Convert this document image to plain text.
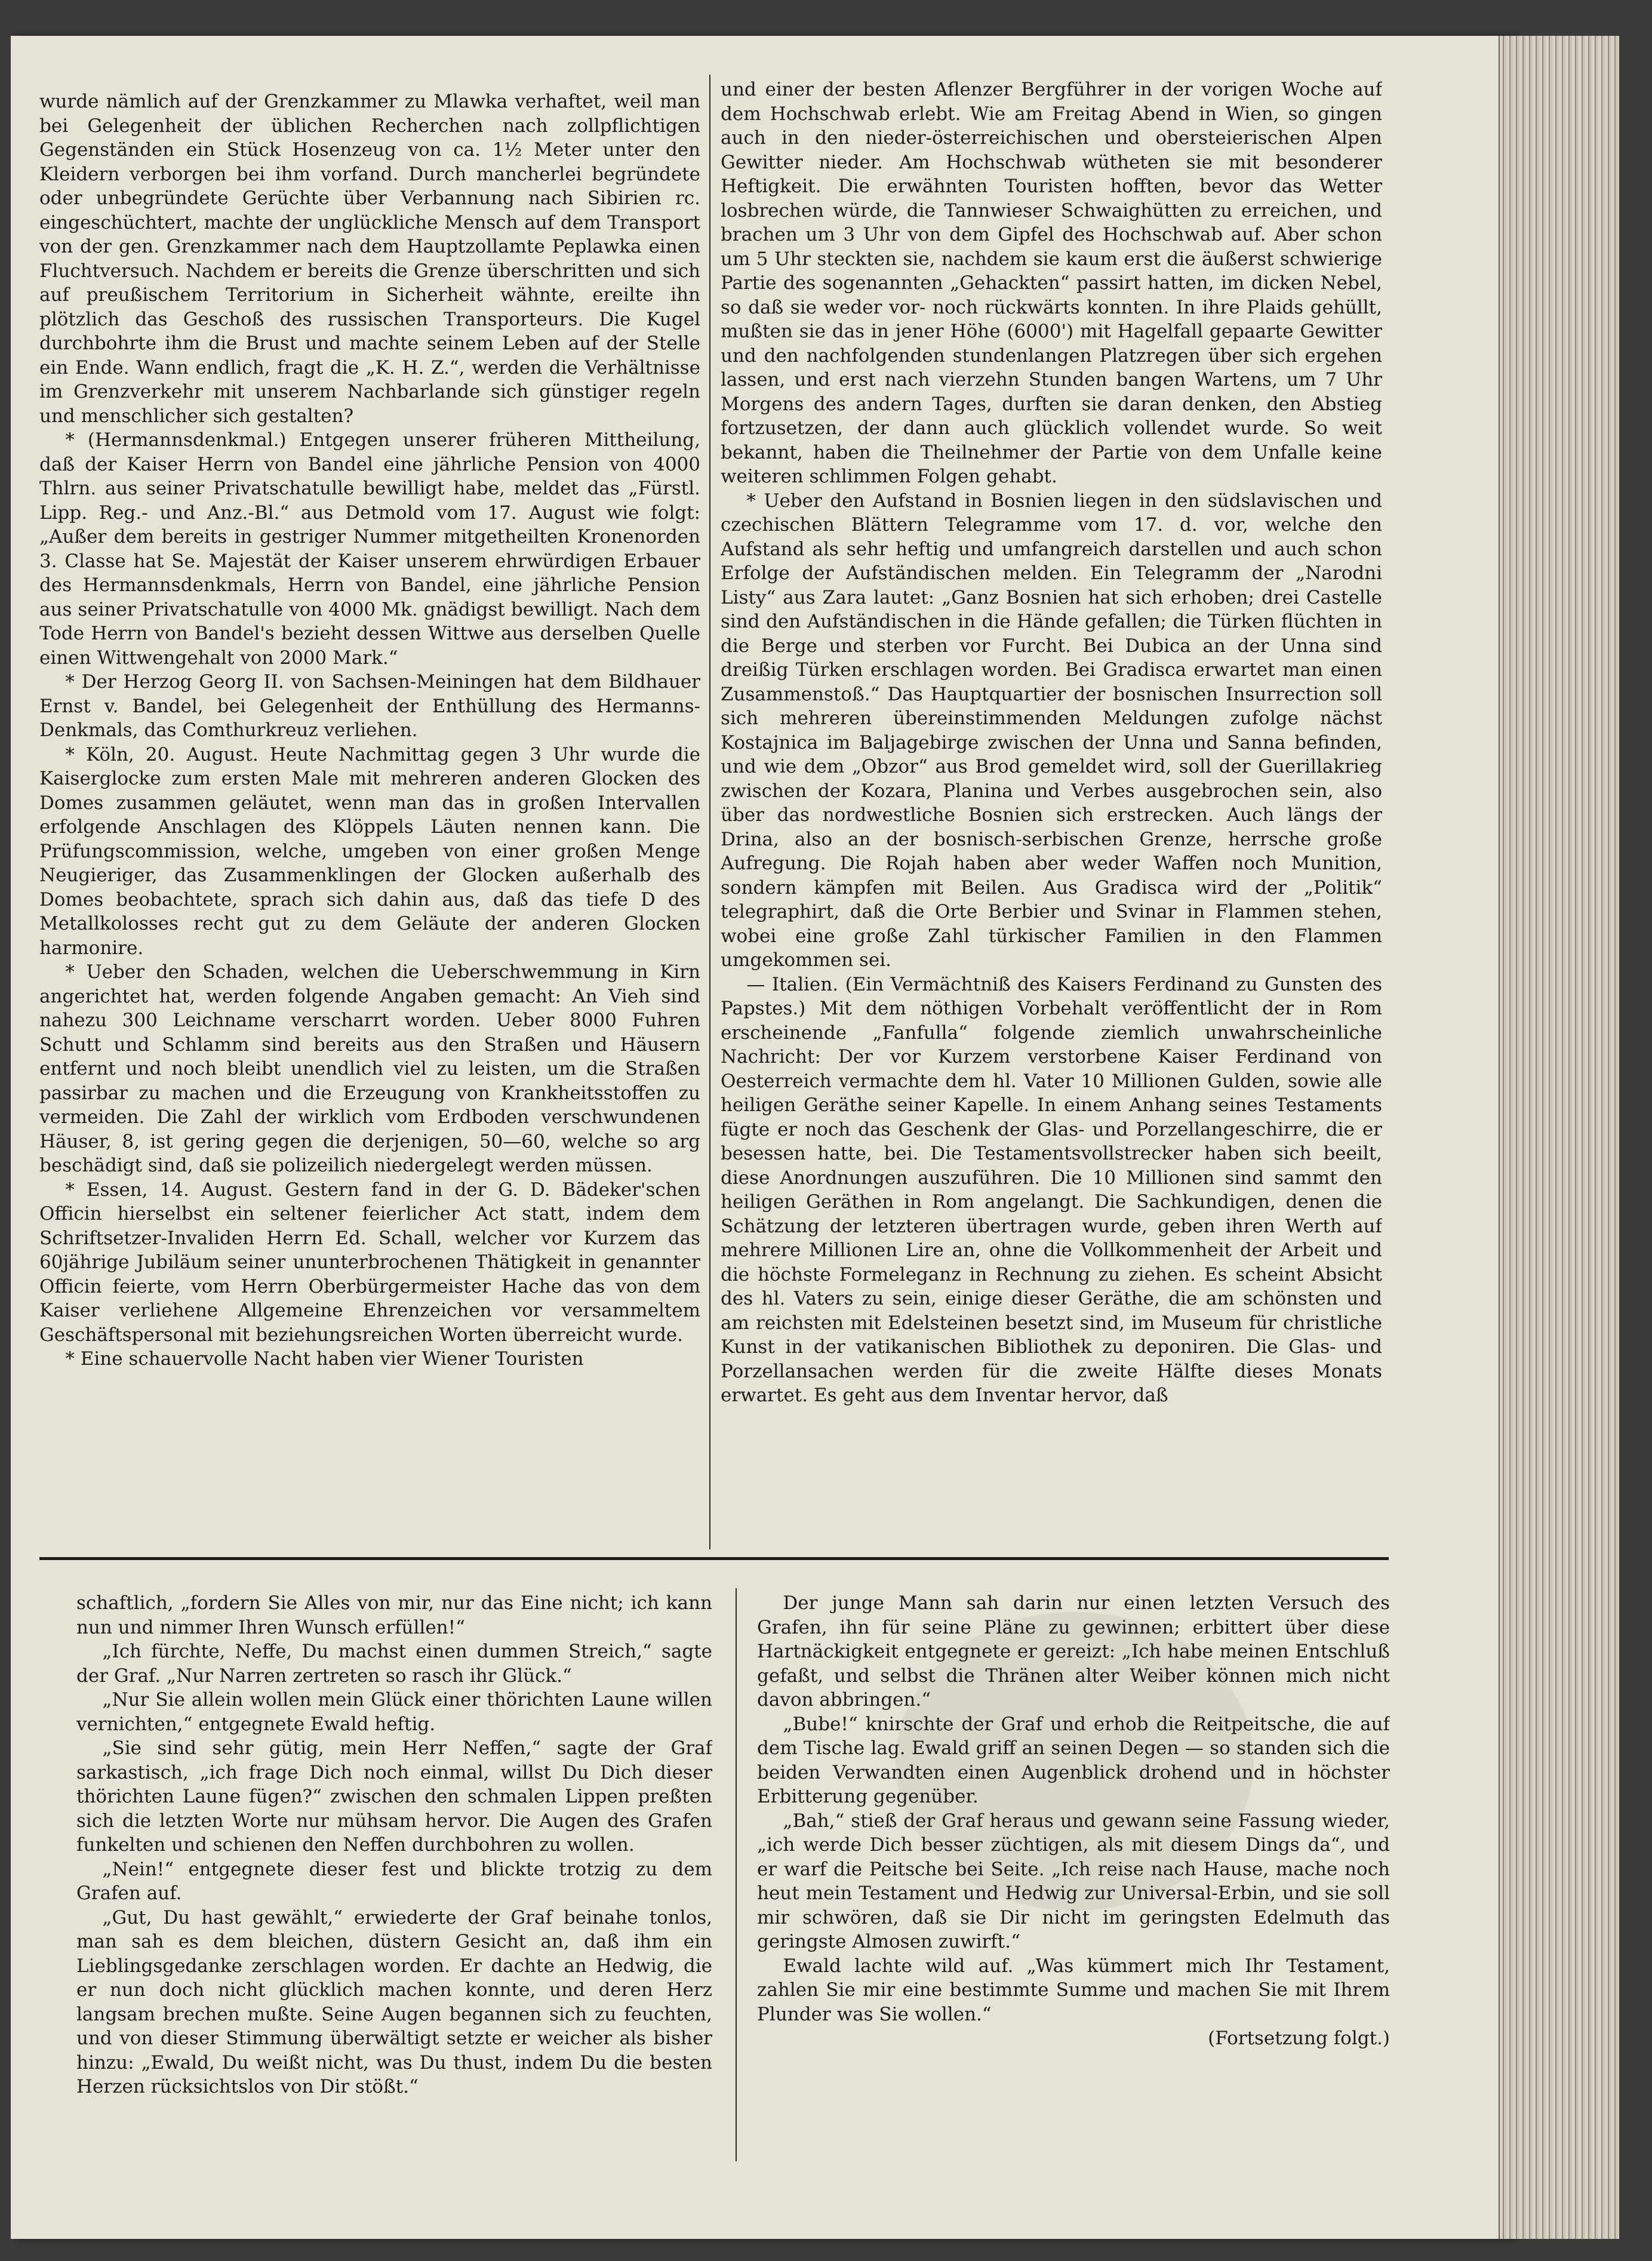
wurde nämlich auf der Grenzkammer zu Mlawka verhaftet, weil man bei Gelegenheit der üblichen Recherchen nach zollpflichtigen Gegenständen ein Stück Hosenzeug von ca. 1½ Meter unter den Kleidern verborgen bei ihm vorfand. Durch mancherlei begründete oder unbegründete Gerüchte über Verbannung nach Sibirien rc. eingeschüchtert, machte der unglückliche Mensch auf dem Transport von der gen. Grenzkammer nach dem Hauptzollamte Peplawka einen Fluchtversuch. Nachdem er bereits die Grenze überschritten und sich auf preußischem Territorium in Sicherheit wähnte, ereilte ihn plötzlich das Geschoß des russischen Transporteurs. Die Kugel durchbohrte ihm die Brust und machte seinem Leben auf der Stelle ein Ende. Wann endlich, fragt die „K. H. Z.“, werden die Verhältnisse im Grenzverkehr mit unserem Nachbarlande sich günstiger regeln und menschlicher sich gestalten?

* (Hermannsdenkmal.) Entgegen unserer früheren Mittheilung, daß der Kaiser Herrn von Bandel eine jährliche Pension von 4000 Thlrn. aus seiner Privatschatulle bewilligt habe, meldet das „Fürstl. Lipp. Reg.- und Anz.-Bl.“ aus Detmold vom 17. August wie folgt: „Außer dem bereits in gestriger Nummer mitgetheilten Kronenorden 3. Classe hat Se. Majestät der Kaiser unserem ehrwürdigen Erbauer des Hermannsdenkmals, Herrn von Bandel, eine jährliche Pension aus seiner Privatschatulle von 4000 Mk. gnädigst bewilligt. Nach dem Tode Herrn von Bandel's bezieht dessen Wittwe aus derselben Quelle einen Wittwengehalt von 2000 Mark.“

* Der Herzog Georg II. von Sachsen-Meiningen hat dem Bildhauer Ernst v. Bandel, bei Gelegenheit der Enthüllung des Hermanns-Denkmals, das Comthurkreuz verliehen.

* Köln, 20. August. Heute Nachmittag gegen 3 Uhr wurde die Kaiserglocke zum ersten Male mit mehreren anderen Glocken des Domes zusammen geläutet, wenn man das in großen Intervallen erfolgende Anschlagen des Klöppels Läuten nennen kann. Die Prüfungscommission, welche, umgeben von einer großen Menge Neugieriger, das Zusammenklingen der Glocken außerhalb des Domes beobachtete, sprach sich dahin aus, daß das tiefe D des Metallkolosses recht gut zu dem Geläute der anderen Glocken harmonire.

* Ueber den Schaden, welchen die Ueberschwemmung in Kirn angerichtet hat, werden folgende Angaben gemacht: An Vieh sind nahezu 300 Leichname verscharrt worden. Ueber 8000 Fuhren Schutt und Schlamm sind bereits aus den Straßen und Häusern entfernt und noch bleibt unendlich viel zu leisten, um die Straßen passirbar zu machen und die Erzeugung von Krankheitsstoffen zu vermeiden. Die Zahl der wirklich vom Erdboden verschwundenen Häuser, 8, ist gering gegen die derjenigen, 50—60, welche so arg beschädigt sind, daß sie polizeilich niedergelegt werden müssen.

* Essen, 14. August. Gestern fand in der G. D. Bädeker'schen Officin hierselbst ein seltener feierlicher Act statt, indem dem Schriftsetzer-Invaliden Herrn Ed. Schall, welcher vor Kurzem das 60jährige Jubiläum seiner ununterbrochenen Thätigkeit in genannter Officin feierte, vom Herrn Oberbürgermeister Hache das von dem Kaiser verliehene Allgemeine Ehrenzeichen vor versammeltem Geschäftspersonal mit beziehungsreichen Worten überreicht wurde.

* Eine schauervolle Nacht haben vier Wiener Touristen

und einer der besten Aflenzer Bergführer in der vorigen Woche auf dem Hochschwab erlebt. Wie am Freitag Abend in Wien, so gingen auch in den nieder-österreichischen und obersteierischen Alpen Gewitter nieder. Am Hochschwab wütheten sie mit besonderer Heftigkeit. Die erwähnten Touristen hofften, bevor das Wetter losbrechen würde, die Tannwieser Schwaighütten zu erreichen, und brachen um 3 Uhr von dem Gipfel des Hochschwab auf. Aber schon um 5 Uhr steckten sie, nachdem sie kaum erst die äußerst schwierige Partie des sogenannten „Gehackten“ passirt hatten, im dicken Nebel, so daß sie weder vor- noch rückwärts konnten. In ihre Plaids gehüllt, mußten sie das in jener Höhe (6000') mit Hagelfall gepaarte Gewitter und den nachfolgenden stundenlangen Platzregen über sich ergehen lassen, und erst nach vierzehn Stunden bangen Wartens, um 7 Uhr Morgens des andern Tages, durften sie daran denken, den Abstieg fortzusetzen, der dann auch glücklich vollendet wurde. So weit bekannt, haben die Theilnehmer der Partie von dem Unfalle keine weiteren schlimmen Folgen gehabt.

* Ueber den Aufstand in Bosnien liegen in den südslavischen und czechischen Blättern Telegramme vom 17. d. vor, welche den Aufstand als sehr heftig und umfangreich darstellen und auch schon Erfolge der Aufständischen melden. Ein Telegramm der „Narodni Listy“ aus Zara lautet: „Ganz Bosnien hat sich erhoben; drei Castelle sind den Aufständischen in die Hände gefallen; die Türken flüchten in die Berge und sterben vor Furcht. Bei Dubica an der Unna sind dreißig Türken erschlagen worden. Bei Gradisca erwartet man einen Zusammenstoß.“ Das Hauptquartier der bosnischen Insurrection soll sich mehreren übereinstimmenden Meldungen zufolge nächst Kostajnica im Baljagebirge zwischen der Unna und Sanna befinden, und wie dem „Obzor“ aus Brod gemeldet wird, soll der Guerillakrieg zwischen der Kozara, Planina und Verbes ausgebrochen sein, also über das nordwestliche Bosnien sich erstrecken. Auch längs der Drina, also an der bosnisch-serbischen Grenze, herrsche große Aufregung. Die Rojah haben aber weder Waffen noch Munition, sondern kämpfen mit Beilen. Aus Gradisca wird der „Politik“ telegraphirt, daß die Orte Berbier und Svinar in Flammen stehen, wobei eine große Zahl türkischer Familien in den Flammen umgekommen sei.

— Italien. (Ein Vermächtniß des Kaisers Ferdinand zu Gunsten des Papstes.) Mit dem nöthigen Vorbehalt veröffentlicht der in Rom erscheinende „Fanfulla“ folgende ziemlich unwahrscheinliche Nachricht: Der vor Kurzem verstorbene Kaiser Ferdinand von Oesterreich vermachte dem hl. Vater 10 Millionen Gulden, sowie alle heiligen Geräthe seiner Kapelle. In einem Anhang seines Testaments fügte er noch das Geschenk der Glas- und Porzellangeschirre, die er besessen hatte, bei. Die Testamentsvollstrecker haben sich beeilt, diese Anordnungen auszuführen. Die 10 Millionen sind sammt den heiligen Geräthen in Rom angelangt. Die Sachkundigen, denen die Schätzung der letzteren übertragen wurde, geben ihren Werth auf mehrere Millionen Lire an, ohne die Vollkommenheit der Arbeit und die höchste Formeleganz in Rechnung zu ziehen. Es scheint Absicht des hl. Vaters zu sein, einige dieser Geräthe, die am schönsten und am reichsten mit Edelsteinen besetzt sind, im Museum für christliche Kunst in der vatikanischen Bibliothek zu deponiren. Die Glas- und Porzellansachen werden für die zweite Hälfte dieses Monats erwartet. Es geht aus dem Inventar hervor, daß

schaftlich, „fordern Sie Alles von mir, nur das Eine nicht; ich kann nun und nimmer Ihren Wunsch erfüllen!“

„Ich fürchte, Neffe, Du machst einen dummen Streich,“ sagte der Graf. „Nur Narren zertreten so rasch ihr Glück.“

„Nur Sie allein wollen mein Glück einer thörichten Laune willen vernichten,“ entgegnete Ewald heftig.

„Sie sind sehr gütig, mein Herr Neffen,“ sagte der Graf sarkastisch, „ich frage Dich noch einmal, willst Du Dich dieser thörichten Laune fügen?“ zwischen den schmalen Lippen preßten sich die letzten Worte nur mühsam hervor. Die Augen des Grafen funkelten und schienen den Neffen durchbohren zu wollen.

„Nein!“ entgegnete dieser fest und blickte trotzig zu dem Grafen auf.

„Gut, Du hast gewählt,“ erwiederte der Graf beinahe tonlos, man sah es dem bleichen, düstern Gesicht an, daß ihm ein Lieblingsgedanke zerschlagen worden. Er dachte an Hedwig, die er nun doch nicht glücklich machen konnte, und deren Herz langsam brechen mußte. Seine Augen begannen sich zu feuchten, und von dieser Stimmung überwältigt setzte er weicher als bisher hinzu: „Ewald, Du weißt nicht, was Du thust, indem Du die besten Herzen rücksichtslos von Dir stößt.“

Der junge Mann sah darin nur einen letzten Versuch des Grafen, ihn für seine Pläne zu gewinnen; erbittert über diese Hartnäckigkeit entgegnete er gereizt: „Ich habe meinen Entschluß gefaßt, und selbst die Thränen alter Weiber können mich nicht davon abbringen.“

„Bube!“ knirschte der Graf und erhob die Reitpeitsche, die auf dem Tische lag. Ewald griff an seinen Degen — so standen sich die beiden Verwandten einen Augenblick drohend und in höchster Erbitterung gegenüber.

„Bah,“ stieß der Graf heraus und gewann seine Fassung wieder, „ich werde Dich besser züchtigen, als mit diesem Dings da“, und er warf die Peitsche bei Seite. „Ich reise nach Hause, mache noch heut mein Testament und Hedwig zur Universal-Erbin, und sie soll mir schwören, daß sie Dir nicht im geringsten Edelmuth das geringste Almosen zuwirft.“

Ewald lachte wild auf. „Was kümmert mich Ihr Testament, zahlen Sie mir eine bestimmte Summe und machen Sie mit Ihrem Plunder was Sie wollen.“

(Fortsetzung folgt.)
